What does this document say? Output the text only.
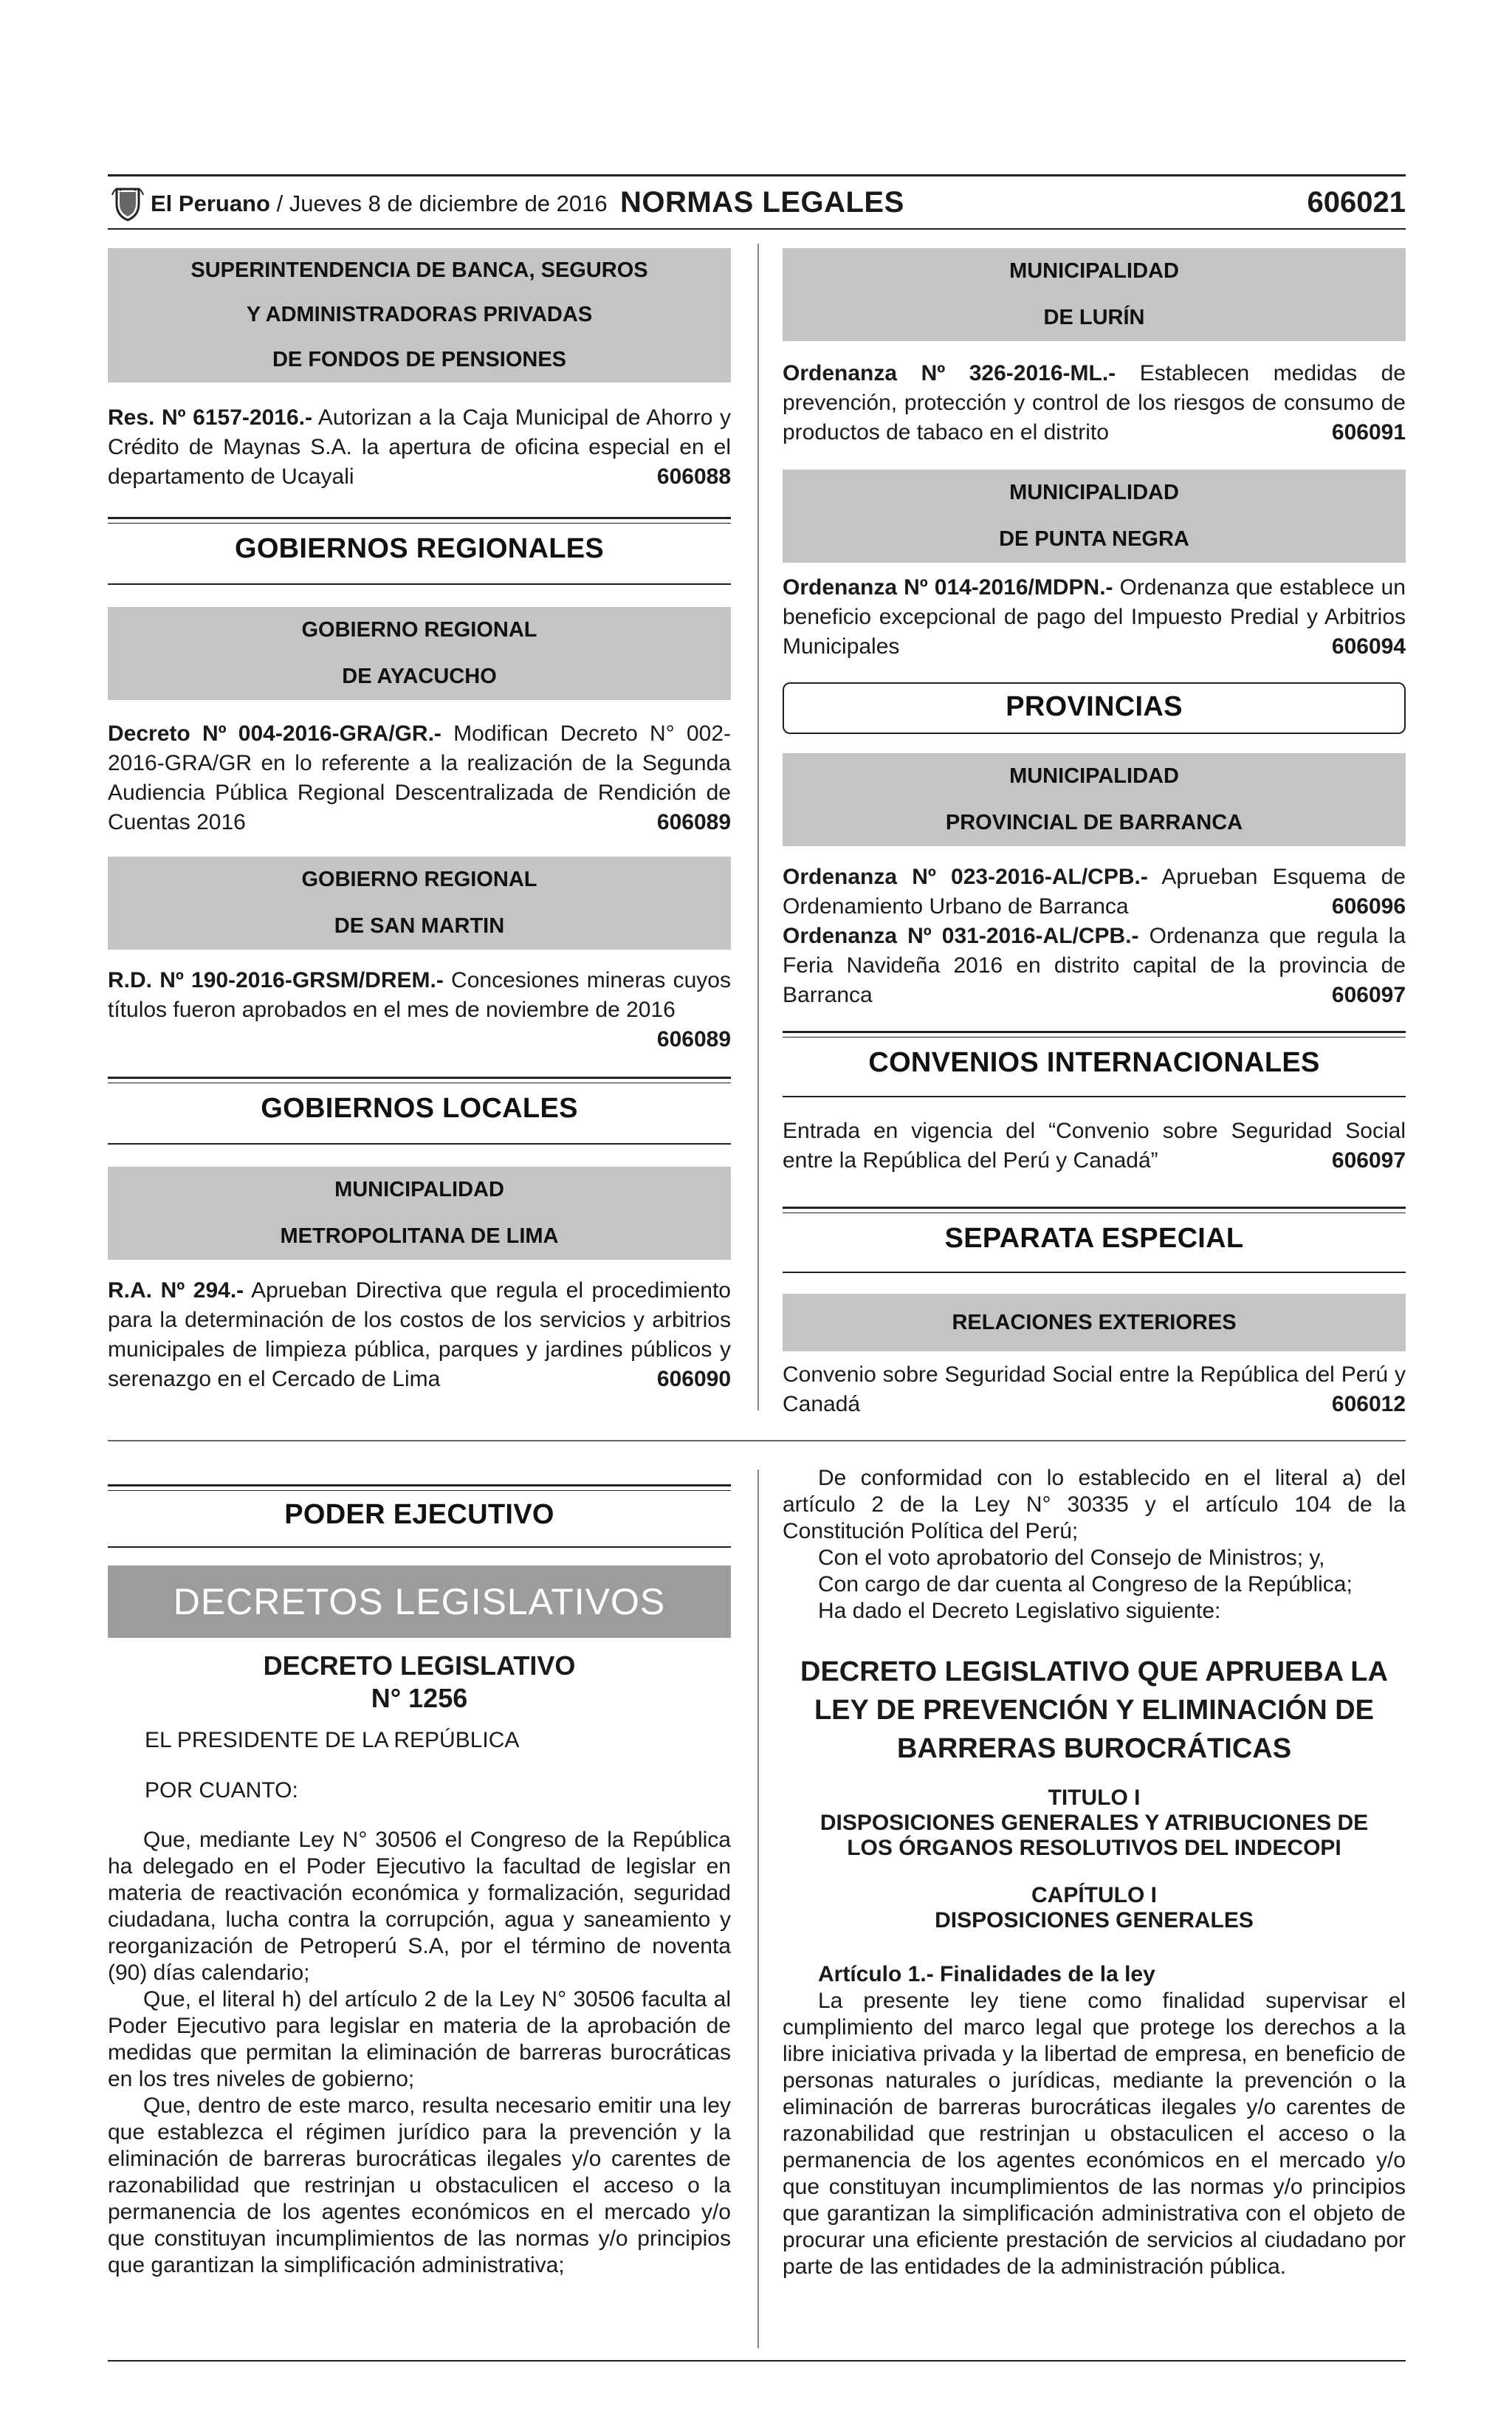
El Peruano / Jueves 8 de diciembre de 2016 NORMAS LEGALES	606021
SUPERINTENDENCIA DE BANCA, SEGUROS
Y ADMINISTRADORAS PRIVADAS
DE FONDOS DE PENSIONES
Res. Nº 6157-2016.- Autorizan a la Caja Municipal de Ahorro y Crédito de Maynas S.A. la apertura de oficina especial en el departamento de Ucayali	606088
GOBIERNOS REGIONALES
GOBIERNO REGIONAL
DE AYACUCHO
Decreto Nº 004-2016-GRA/GR.- Modifican Decreto N° 002-2016-GRA/GR en lo referente a la realización de la Segunda Audiencia Pública Regional Descentralizada de Rendición de Cuentas 2016	606089
GOBIERNO REGIONAL
DE SAN MARTIN
R.D. Nº 190-2016-GRSM/DREM.- Concesiones mineras cuyos títulos fueron aprobados en el mes de noviembre de 2016
606089
GOBIERNOS LOCALES
MUNICIPALIDAD
METROPOLITANA DE LIMA
R.A. Nº 294.- Aprueban Directiva que regula el procedimiento para la determinación de los costos de los servicios y arbitrios municipales de limpieza pública, parques y jardines públicos y serenazgo en el Cercado de Lima	606090
MUNICIPALIDAD
DE LURÍN
Ordenanza Nº 326-2016-ML.- Establecen medidas de prevención, protección y control de los riesgos de consumo de productos de tabaco en el distrito	606091
MUNICIPALIDAD
DE PUNTA NEGRA
Ordenanza Nº 014-2016/MDPN.- Ordenanza que establece un beneficio excepcional de pago del Impuesto Predial y Arbitrios Municipales	606094
PROVINCIAS
MUNICIPALIDAD
PROVINCIAL DE BARRANCA
Ordenanza Nº 023-2016-AL/CPB.- Aprueban Esquema de Ordenamiento Urbano de Barranca	606096
Ordenanza Nº 031-2016-AL/CPB.- Ordenanza que regula la Feria Navideña 2016 en distrito capital de la provincia de Barranca	606097
CONVENIOS INTERNACIONALES
Entrada en vigencia del “Convenio sobre Seguridad Social entre la República del Perú y Canadá”	606097
SEPARATA ESPECIAL
RELACIONES EXTERIORES
Convenio sobre Seguridad Social entre la República del Perú y Canadá	606012
PODER EJECUTIVO
DECRETOS LEGISLATIVOS
DECRETO LEGISLATIVO
N° 1256
EL PRESIDENTE DE LA REPÚBLICA
POR CUANTO:

Que, mediante Ley N° 30506 el Congreso de la República ha delegado en el Poder Ejecutivo la facultad de legislar en materia de reactivación económica y formalización, seguridad ciudadana, lucha contra la corrupción, agua y saneamiento y reorganización de Petroperú S.A, por el término de noventa (90) días calendario;

Que, el literal h) del artículo 2 de la Ley N° 30506 faculta al Poder Ejecutivo para legislar en materia de la aprobación de medidas que permitan la eliminación de barreras burocráticas en los tres niveles de gobierno;

Que, dentro de este marco, resulta necesario emitir una ley que establezca el régimen jurídico para la prevención y la eliminación de barreras burocráticas ilegales y/o carentes de razonabilidad que restrinjan u obstaculicen el acceso o la permanencia de los agentes económicos en el mercado y/o que constituyan incumplimientos de las normas y/o principios que garantizan la simplificación administrativa;

De conformidad con lo establecido en el literal a) del artículo 2 de la Ley N° 30335 y el artículo 104 de la Constitución Política del Perú;

Con el voto aprobatorio del Consejo de Ministros; y,

Con cargo de dar cuenta al Congreso de la República;

Ha dado el Decreto Legislativo siguiente:

DECRETO LEGISLATIVO QUE APRUEBA LA LEY DE PREVENCIÓN Y ELIMINACIÓN DE BARRERAS BUROCRÁTICAS
TITULO I
DISPOSICIONES GENERALES Y ATRIBUCIONES DE LOS ÓRGANOS RESOLUTIVOS DEL INDECOPI
CAPÍTULO I
DISPOSICIONES GENERALES

Artículo 1.- Finalidades de la ley

La presente ley tiene como finalidad supervisar el cumplimiento del marco legal que protege los derechos a la libre iniciativa privada y la libertad de empresa, en beneficio de personas naturales o jurídicas, mediante la prevención o la eliminación de barreras burocráticas ilegales y/o carentes de razonabilidad que restrinjan u obstaculicen el acceso o la permanencia de los agentes económicos en el mercado y/o que constituyan incumplimientos de las normas y/o principios que garantizan la simplificación administrativa con el objeto de procurar una eficiente prestación de servicios al ciudadano por parte de las entidades de la administración pública.
